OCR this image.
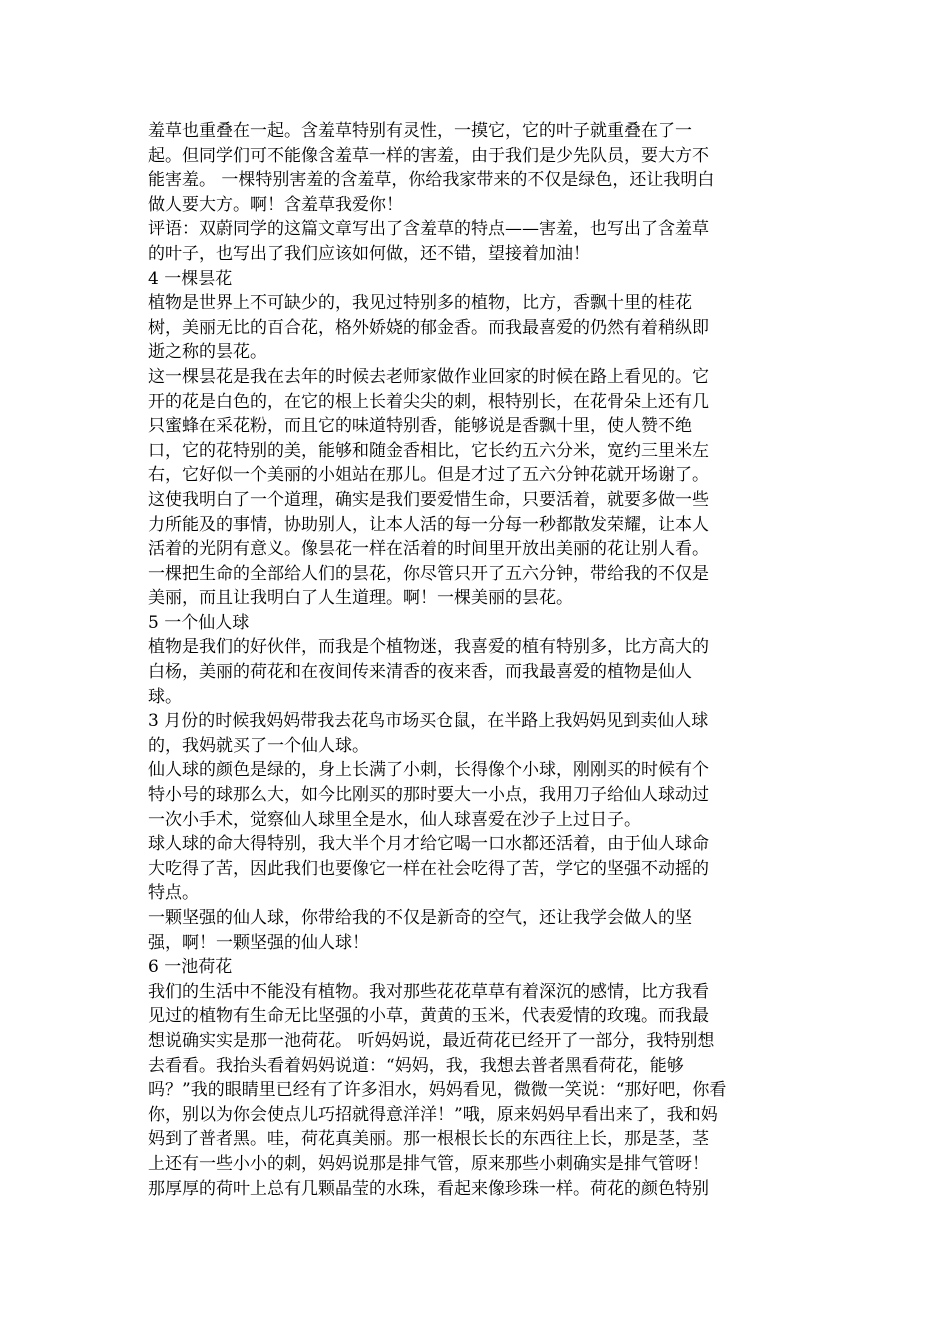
羞草也重叠在一起。含羞草特别有灵性，一摸它，它的叶子就重叠在了一
起。但同学们可不能像含羞草一样的害羞，由于我们是少先队员，要大方不
能害羞。 一棵特别害羞的含羞草，你给我家带来的不仅是绿色，还让我明白
做人要大方。啊！含羞草我爱你！
评语：双蔚同学的这篇文章写出了含羞草的特点——害羞，也写出了含羞草
的叶子，也写出了我们应该如何做，还不错，望接着加油！
4 一棵昙花
植物是世界上不可缺少的，我见过特别多的植物，比方，香飘十里的桂花
树，美丽无比的百合花，格外娇娆的郁金香。而我最喜爱的仍然有着稍纵即
逝之称的昙花。
这一棵昙花是我在去年的时候去老师家做作业回家的时候在路上看见的。它
开的花是白色的，在它的根上长着尖尖的刺，根特别长，在花骨朵上还有几
只蜜蜂在采花粉，而且它的味道特别香，能够说是香飘十里，使人赞不绝
口，它的花特别的美，能够和随金香相比，它长约五六分米，宽约三里米左
右，它好似一个美丽的小姐站在那儿。但是才过了五六分钟花就开场谢了。
这使我明白了一个道理，确实是我们要爱惜生命，只要活着，就要多做一些
力所能及的事情，协助别人，让本人活的每一分每一秒都散发荣耀，让本人
活着的光阴有意义。像昙花一样在活着的时间里开放出美丽的花让别人看。
一棵把生命的全部给人们的昙花，你尽管只开了五六分钟，带给我的不仅是
美丽，而且让我明白了人生道理。啊！一棵美丽的昙花。
5 一个仙人球
植物是我们的好伙伴，而我是个植物迷，我喜爱的植有特别多，比方高大的
白杨，美丽的荷花和在夜间传来清香的夜来香，而我最喜爱的植物是仙人
球。
3 月份的时候我妈妈带我去花鸟市场买仓鼠，在半路上我妈妈见到卖仙人球
的，我妈就买了一个仙人球。
仙人球的颜色是绿的，身上长满了小刺，长得像个小球，刚刚买的时候有个
特小号的球那么大，如今比刚买的那时要大一小点，我用刀子给仙人球动过
一次小手术，觉察仙人球里全是水，仙人球喜爱在沙子上过日子。
球人球的命大得特别，我大半个月才给它喝一口水都还活着，由于仙人球命
大吃得了苦，因此我们也要像它一样在社会吃得了苦，学它的坚强不动摇的
特点。
一颗坚强的仙人球，你带给我的不仅是新奇的空气，还让我学会做人的坚
强，啊！一颗坚强的仙人球！
6 一池荷花
我们的生活中不能没有植物。我对那些花花草草有着深沉的感情，比方我看
见过的植物有生命无比坚强的小草，黄黄的玉米，代表爱情的玫瑰。而我最
想说确实实是那一池荷花。 听妈妈说，最近荷花已经开了一部分，我特别想
去看看。我抬头看着妈妈说道：“妈妈，我，我想去普者黑看荷花，能够
吗？”我的眼睛里已经有了许多泪水，妈妈看见，微微一笑说：“那好吧，你看
你，别以为你会使点儿巧招就得意洋洋！”哦，原来妈妈早看出来了，我和妈
妈到了普者黑。哇，荷花真美丽。那一根根长长的东西往上长，那是茎，茎
上还有一些小小的刺，妈妈说那是排气管，原来那些小刺确实是排气管呀！
那厚厚的荷叶上总有几颗晶莹的水珠，看起来像珍珠一样。荷花的颜色特别
